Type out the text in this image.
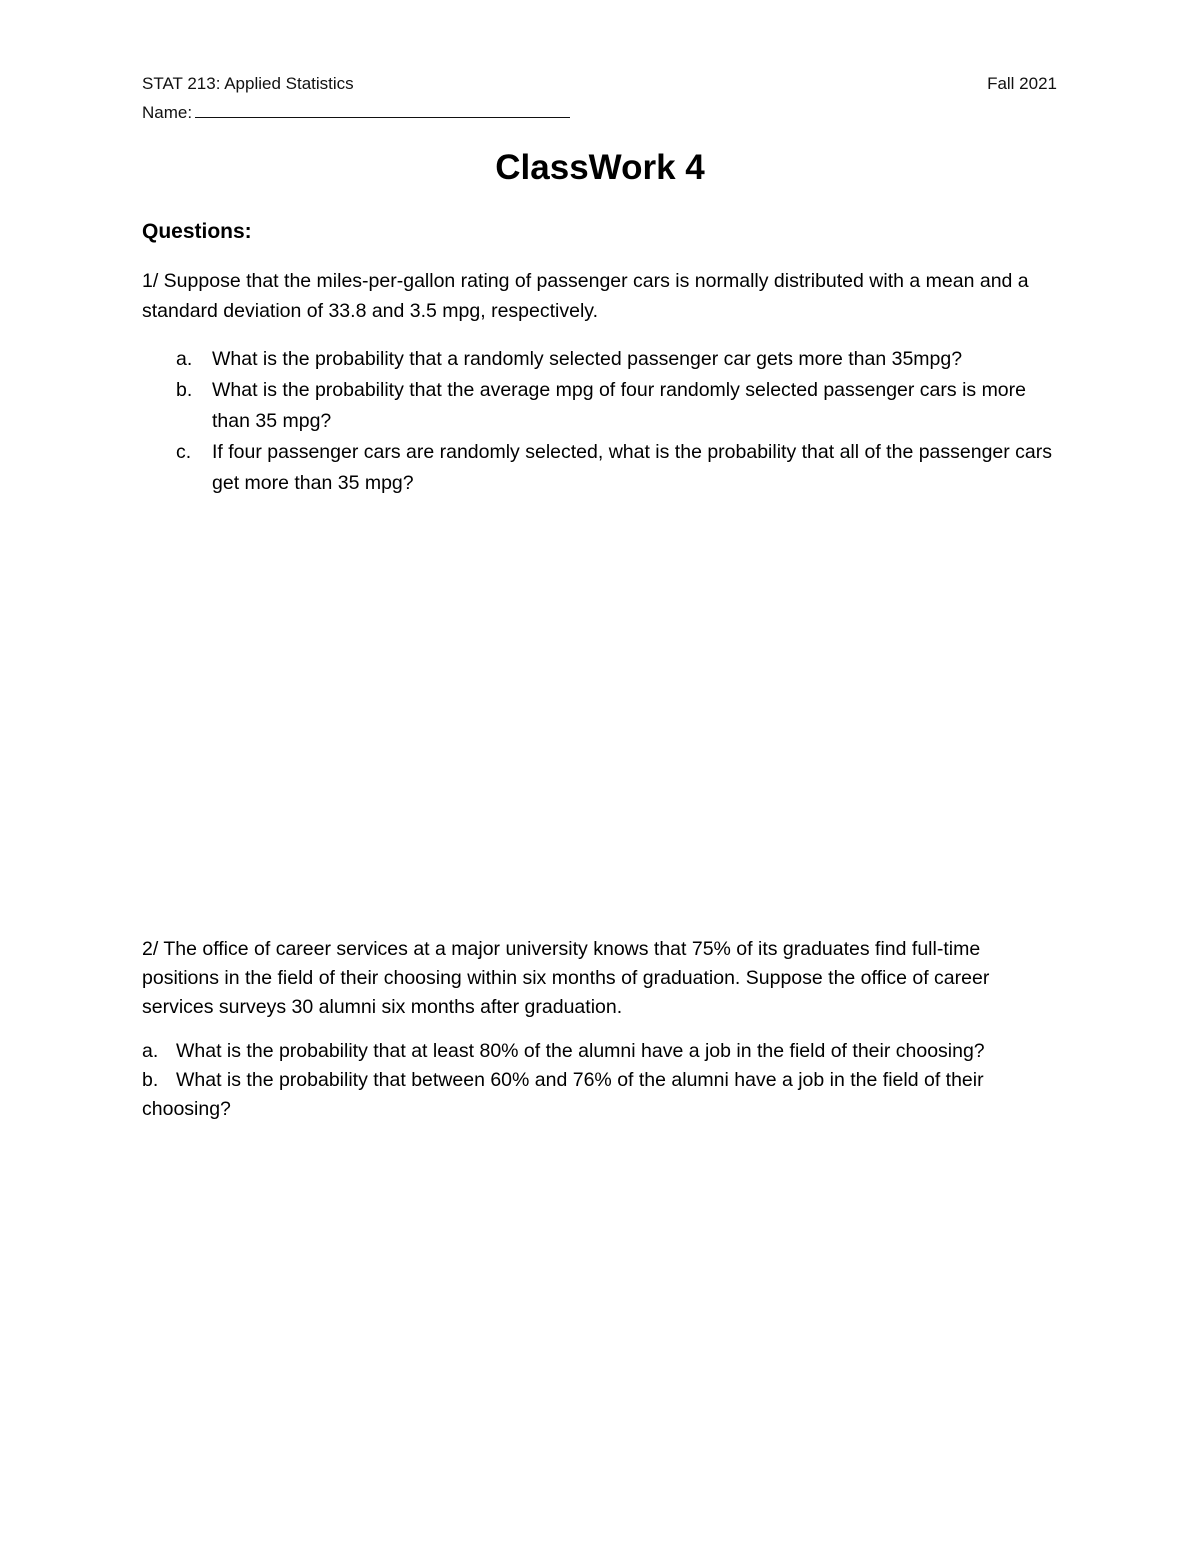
STAT 213: Applied Statistics	Fall 2021
Name:
ClassWork 4
Questions:
1/ Suppose that the miles-per-gallon rating of passenger cars is normally distributed with a mean and a standard deviation of 33.8 and 3.5 mpg, respectively.
a. What is the probability that a randomly selected passenger car gets more than 35mpg?
b. What is the probability that the average mpg of four randomly selected passenger cars is more than 35 mpg?
c. If four passenger cars are randomly selected, what is the probability that all of the passenger cars get more than 35 mpg?
2/ The office of career services at a major university knows that 75% of its graduates find full-time positions in the field of their choosing within six months of graduation. Suppose the office of career services surveys 30 alumni six months after graduation.

a. What is the probability that at least 80% of the alumni have a job in the field of their choosing?

b. What is the probability that between 60% and 76% of the alumni have a job in the field of their choosing?
